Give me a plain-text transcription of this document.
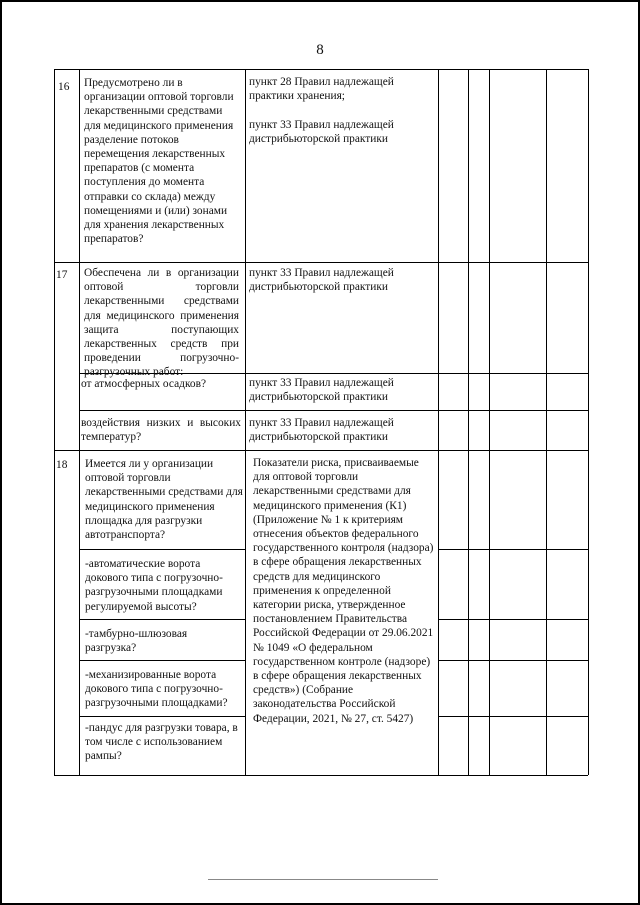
8
16 Предусмотрено ли в организации оптовой торговли лекарственными средствами для медицинского применения разделение потоков перемещения лекарственных препаратов (с момента поступления до момента отправки со склада) между помещениями и (или) зонами для хранения лекарственных препаратов?
пункт 28 Правил надлежащей практики хранения;
пункт 33 Правил надлежащей дистрибьюторской практики
17 Обеспечена ли в организации оптовой торговли лекарственными средствами для медицинского применения защита поступающих лекарственных средств при проведении погрузочно-разгрузочных работ:
пункт 33 Правил надлежащей дистрибьюторской практики
от атмосферных осадков?	пункт 33 Правил надлежащей дистрибьюторской практики
воздействия низких и высоких температур?
пункт 33 Правил надлежащей дистрибьюторской практики
18 Имеется ли у организации оптовой торговли лекарственными средствами для медицинского применения площадка для разгрузки автотранспорта?
Показатели риска, присваиваемые для оптовой торговли лекарственными средствами для медицинского применения (К1) (Приложение № 1 к критериям отнесения объектов федерального государственного контроля (надзора) в сфере обращения лекарственных средств для медицинского применения к определенной категории риска, утвержденное постановлением Правительства Российской Федерации от 29.06.2021 № 1049 «О федеральном государственном контроле (надзоре) в сфере обращения лекарственных средств») (Собрание законодательства Российской Федерации, 2021, № 27, ст. 5427)
-автоматические ворота докового типа с погрузочно-разгрузочными площадками регулируемой высоты?
-тамбурно-шлюзовая разгрузка?
-механизированные ворота докового типа с погрузочно-разгрузочными площадками?
-пандус для разгрузки товара, в том числе с использованием рампы?
